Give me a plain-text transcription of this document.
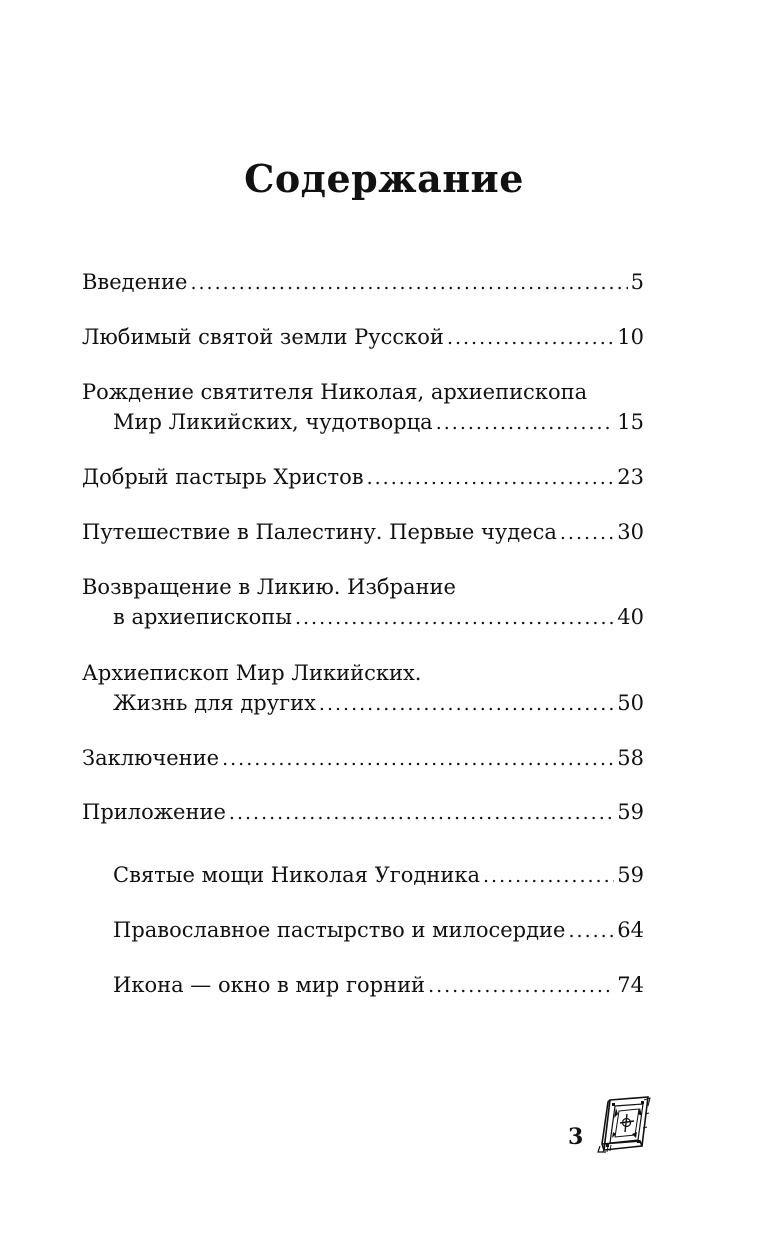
Содержание
Введение .....	5
Любимый святой земли Русской .....	10
Рождение святителя Николая, архиепископа
Мир Ликийских, чудотворца .....	15
Добрый пастырь Христов .....	23
Путешествие в Палестину. Первые чудеса .....	30
Возвращение в Ликию. Избрание
в архиепископы .....	40
Архиепископ Мир Ликийских.
Жизнь для других .....	50
Заключение .....	58
Приложение .....	59
Святые мощи Николая Угодника .....	59
Православное пастырство и милосердие ..... 64
Икона — окно в мир горний .....	74
3
